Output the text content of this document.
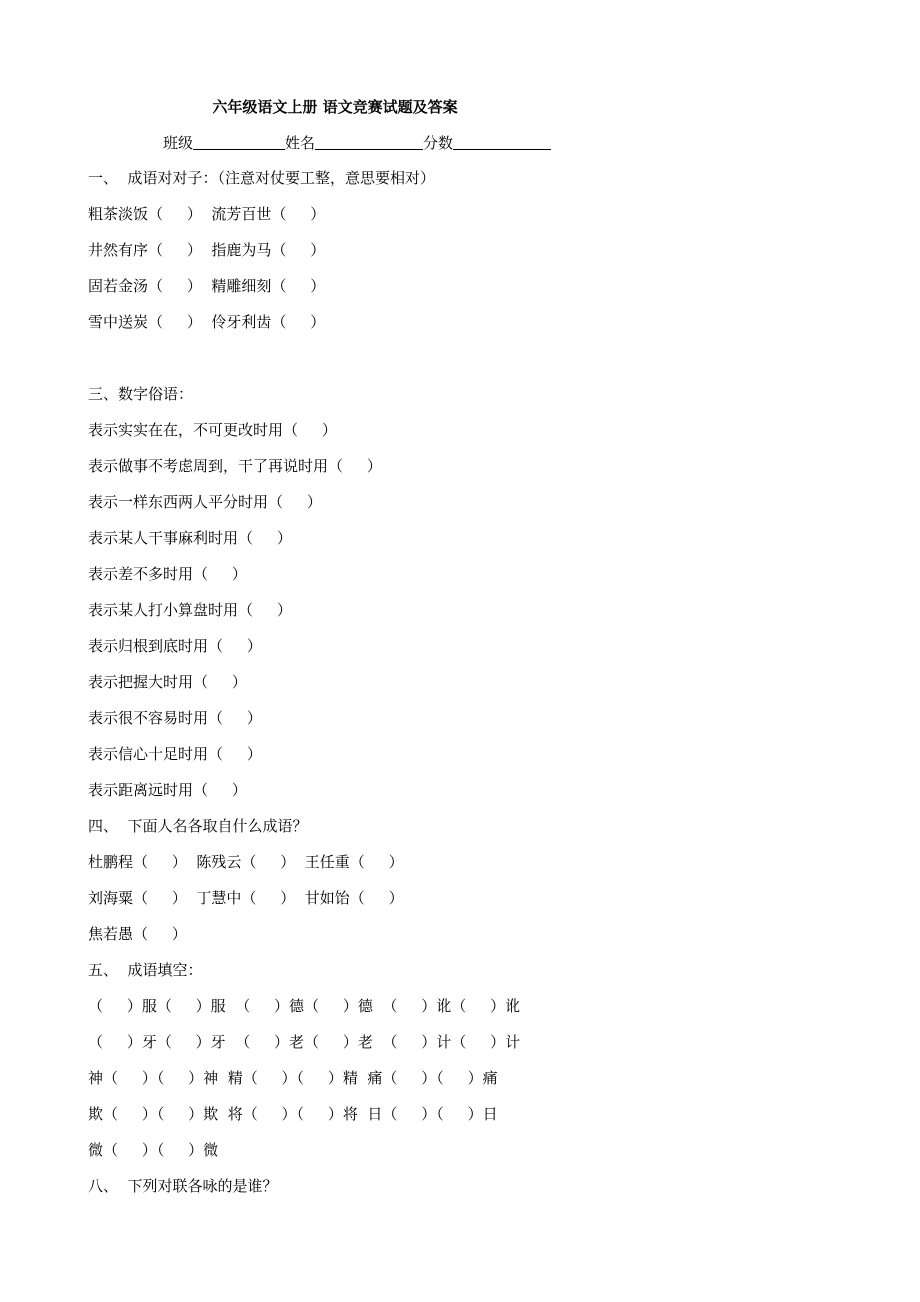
六年级语文上册 语文竞赛试题及答案
班级	姓名	分数
一、  成语对对子：（注意对仗要工整，意思要相对）
粗茶淡饭（     ）  流芳百世（     ）
井然有序（     ）  指鹿为马（     ）
固若金汤（     ）  精雕细刻（     ）
雪中送炭（     ）  伶牙利齿（     ）
三、数字俗语：
表示实实在在，不可更改时用（     ）
表示做事不考虑周到，干了再说时用（     ）
表示一样东西两人平分时用（     ）
表示某人干事麻利时用（     ）
表示差不多时用（     ）
表示某人打小算盘时用（     ）
表示归根到底时用（     ）
表示把握大时用（     ）
表示很不容易时用（     ）
表示信心十足时用（     ）
表示距离远时用（     ）
四、  下面人名各取自什么成语？
杜鹏程（     ）  陈残云（     ）  王任重（     ）
刘海粟（     ）  丁慧中（     ）  甘如饴（     ）
焦若愚（     ）
五、  成语填空：
（     ）服（     ）服  （     ）德（     ）德  （     ）讹（     ）讹
（     ）牙（     ）牙  （     ）老（     ）老  （     ）计（     ）计
神（     ）（     ）神  精（     ）（     ）精  痛（     ）（     ）痛
欺（     ）（     ）欺  将（     ）（     ）将  日（     ）（     ）日
微（     ）（     ）微
八、  下列对联各咏的是谁？
